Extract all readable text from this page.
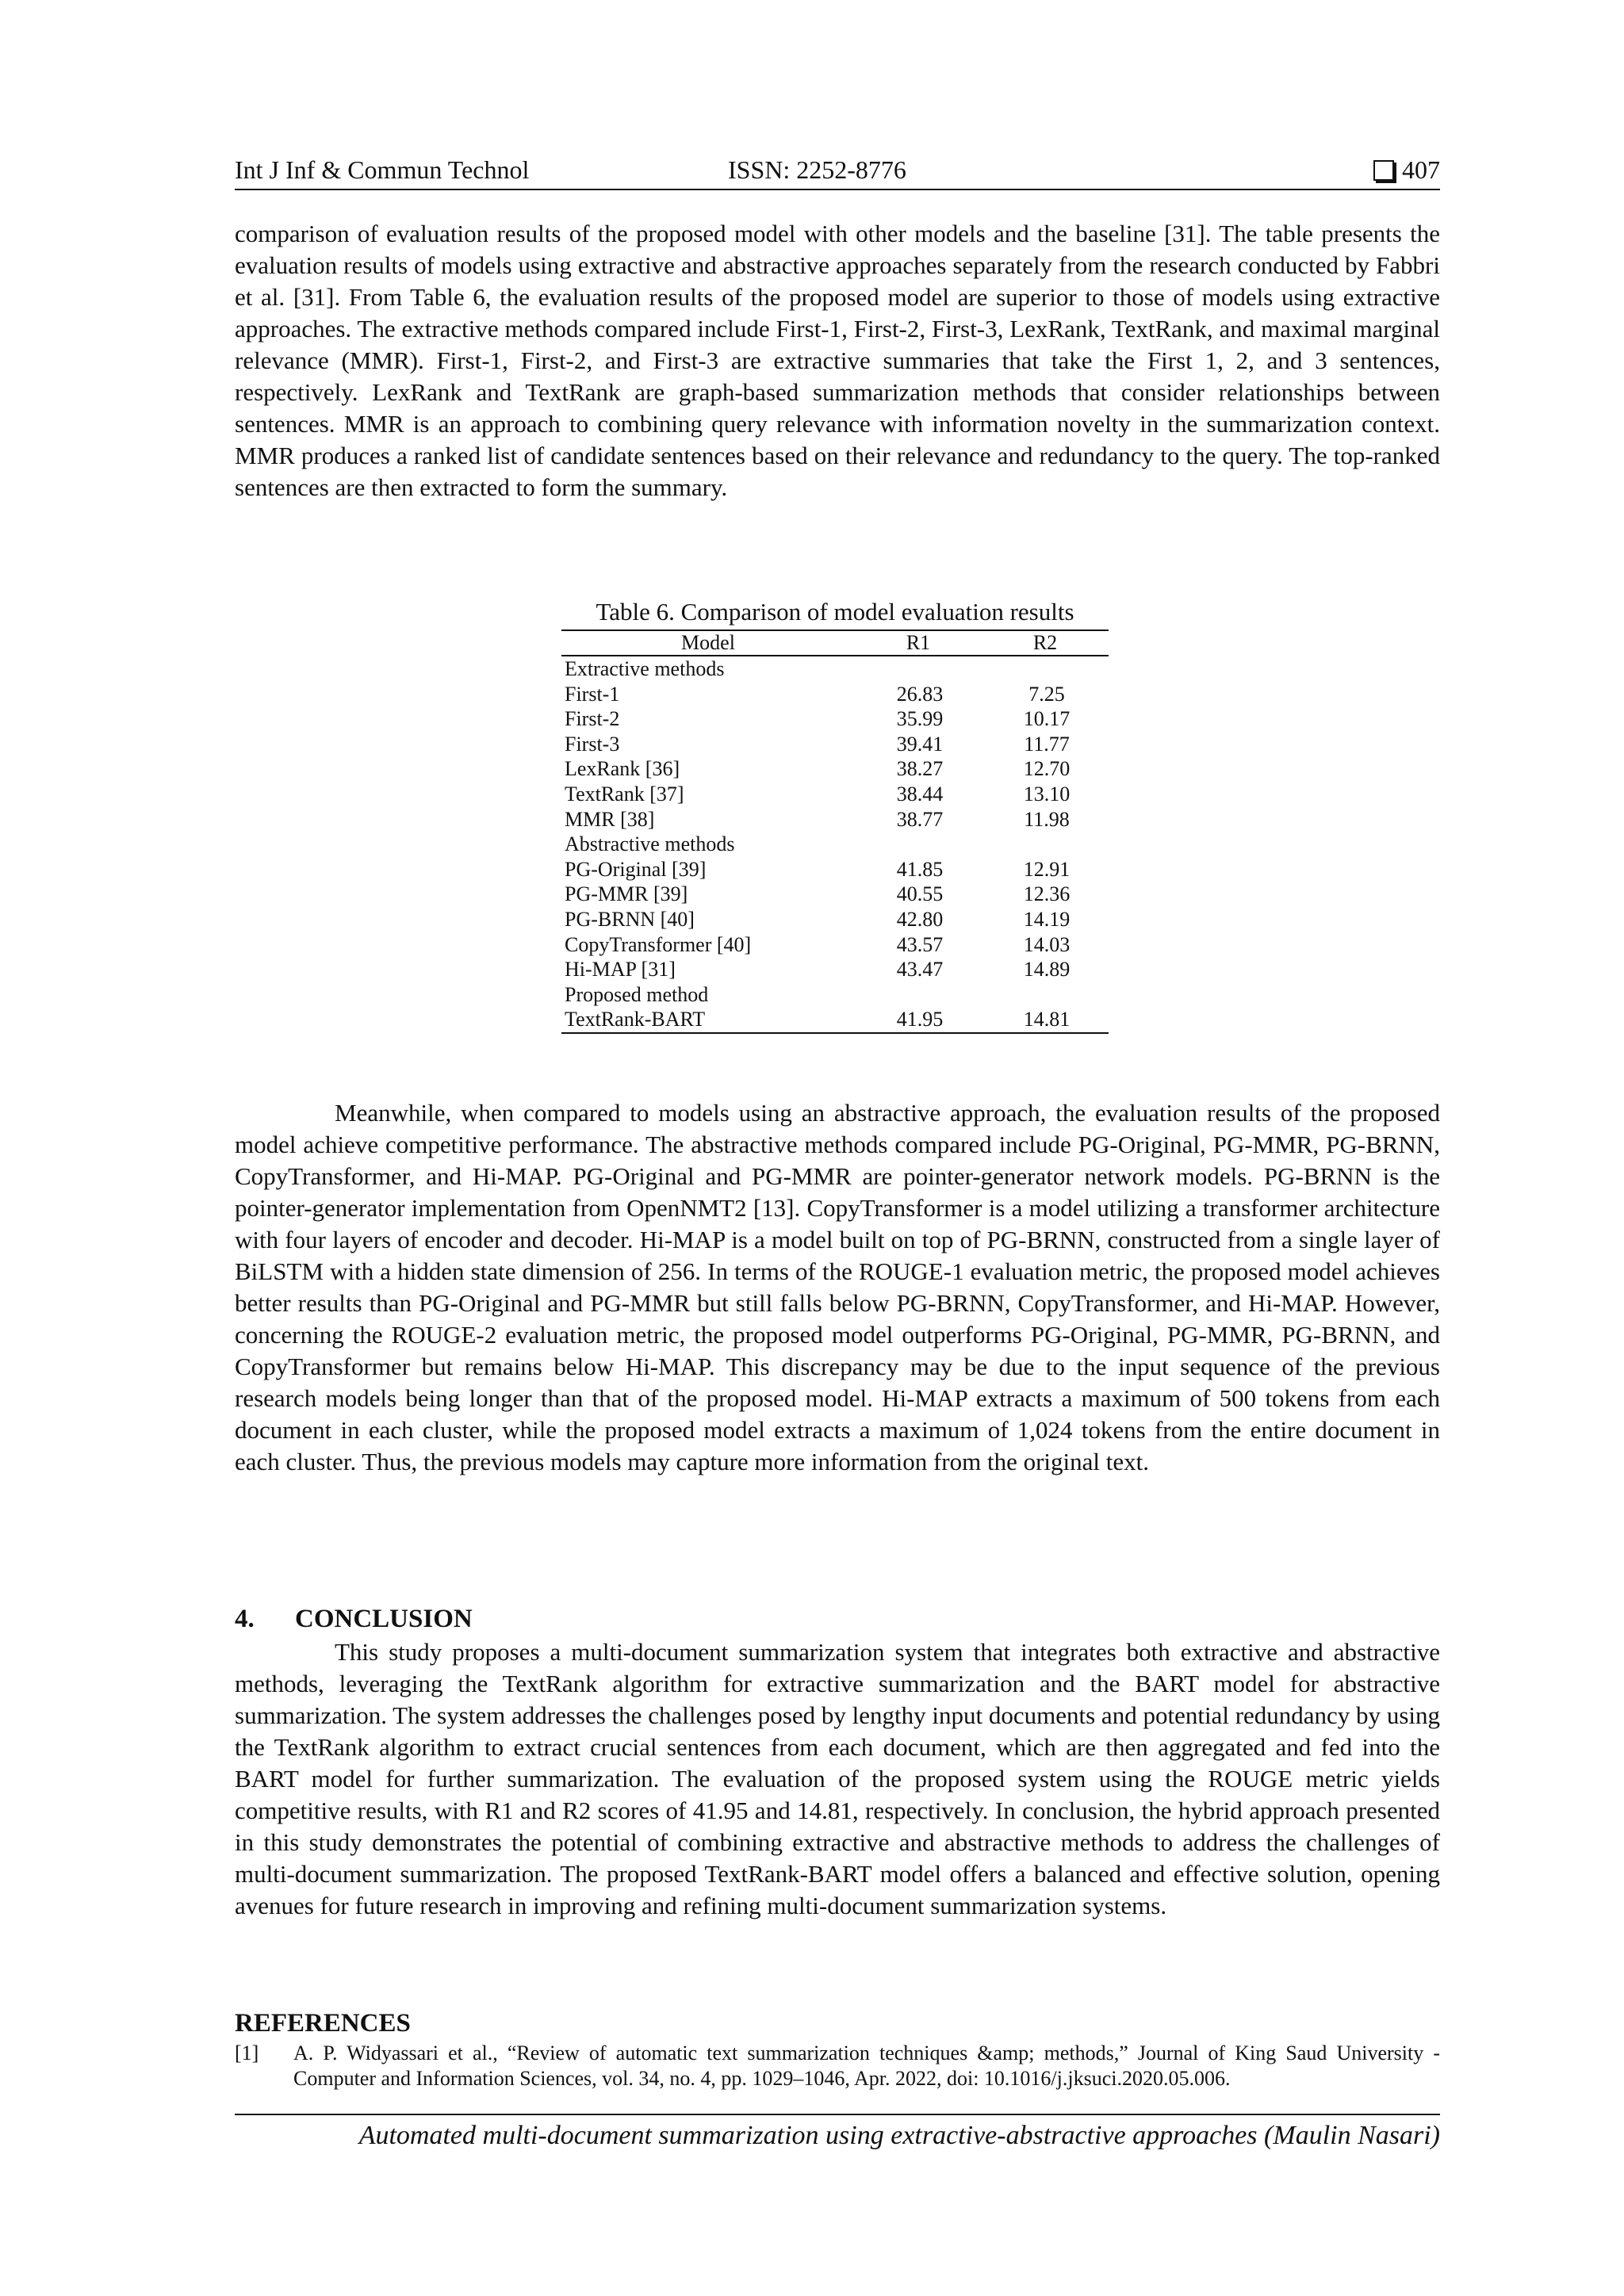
Int J Inf & Commun Technol	ISSN: 2252-8776	407

comparison of evaluation results of the proposed model with other models and the baseline [31]. The table presents the evaluation results of models using extractive and abstractive approaches separately from the research conducted by Fabbri et al. [31]. From Table 6, the evaluation results of the proposed model are superior to those of models using extractive approaches. The extractive methods compared include First-1, First-2, First-3, LexRank, TextRank, and maximal marginal relevance (MMR). First-1, First-2, and First-3 are extractive summaries that take the First 1, 2, and 3 sentences, respectively. LexRank and TextRank are graph-based summarization methods that consider relationships between sentences. MMR is an approach to combining query relevance with information novelty in the summarization context. MMR produces a ranked list of candidate sentences based on their relevance and redundancy to the query. The top-ranked sentences are then extracted to form the summary.

Table 6. Comparison of model evaluation results
Model	R1	R2
Extractive methods		
First-1	26.83	7.25
First-2	35.99	10.17
First-3	39.41	11.77
LexRank [36]	38.27	12.70
TextRank [37]	38.44	13.10
MMR [38]	38.77	11.98
Abstractive methods		
PG-Original [39]	41.85	12.91
PG-MMR [39]	40.55	12.36
PG-BRNN [40]	42.80	14.19
CopyTransformer [40]	43.57	14.03
Hi-MAP [31]	43.47	14.89
Proposed method		
TextRank-BART	41.95	14.81

Meanwhile, when compared to models using an abstractive approach, the evaluation results of the proposed model achieve competitive performance. The abstractive methods compared include PG-Original, PG-MMR, PG-BRNN, CopyTransformer, and Hi-MAP. PG-Original and PG-MMR are pointer-generator network models. PG-BRNN is the pointer-generator implementation from OpenNMT2 [13]. CopyTransformer is a model utilizing a transformer architecture with four layers of encoder and decoder. Hi-MAP is a model built on top of PG-BRNN, constructed from a single layer of BiLSTM with a hidden state dimension of 256. In terms of the ROUGE-1 evaluation metric, the proposed model achieves better results than PG-Original and PG-MMR but still falls below PG-BRNN, CopyTransformer, and Hi-MAP. However, concerning the ROUGE-2 evaluation metric, the proposed model outperforms PG-Original, PG-MMR, PG-BRNN, and CopyTransformer but remains below Hi-MAP. This discrepancy may be due to the input sequence of the previous research models being longer than that of the proposed model. Hi-MAP extracts a maximum of 500 tokens from each document in each cluster, while the proposed model extracts a maximum of 1,024 tokens from the entire document in each cluster. Thus, the previous models may capture more information from the original text.

4. CONCLUSION

This study proposes a multi-document summarization system that integrates both extractive and abstractive methods, leveraging the TextRank algorithm for extractive summarization and the BART model for abstractive summarization. The system addresses the challenges posed by lengthy input documents and potential redundancy by using the TextRank algorithm to extract crucial sentences from each document, which are then aggregated and fed into the BART model for further summarization. The evaluation of the proposed system using the ROUGE metric yields competitive results, with R1 and R2 scores of 41.95 and 14.81, respectively. In conclusion, the hybrid approach presented in this study demonstrates the potential of combining extractive and abstractive methods to address the challenges of multi-document summarization. The proposed TextRank-BART model offers a balanced and effective solution, opening avenues for future research in improving and refining multi-document summarization systems.

REFERENCES
[1] A. P. Widyassari et al., “Review of automatic text summarization techniques &amp; methods,” Journal of King Saud University - Computer and Information Sciences, vol. 34, no. 4, pp. 1029–1046, Apr. 2022, doi: 10.1016/j.jksuci.2020.05.006.
Automated multi-document summarization using extractive-abstractive approaches (Maulin Nasari)
